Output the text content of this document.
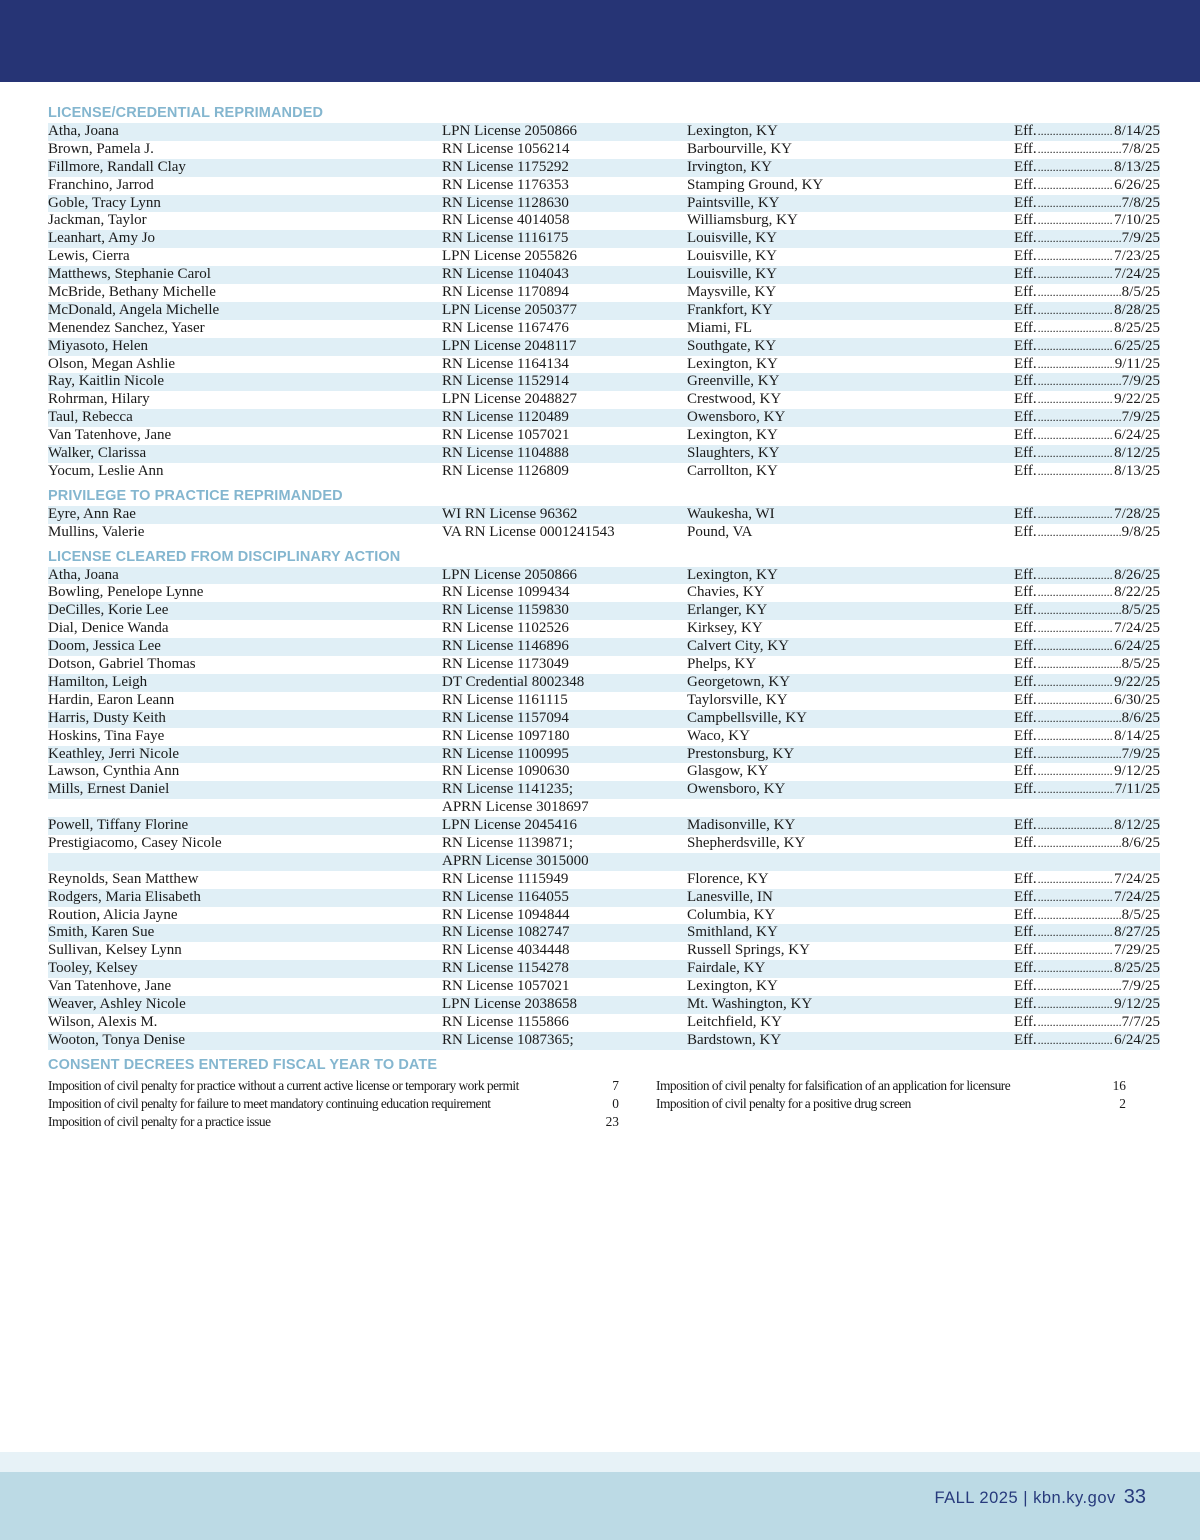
LICENSE/CREDENTIAL REPRIMANDED
Atha, Joana	LPN License 2050866	Lexington, KY	Eff. .....	8/14/25
Brown, Pamela J.	RN License 1056214	Barbourville, KY	Eff. .....	7/8/25
Fillmore, Randall Clay	RN License 1175292	Irvington, KY	Eff. .....	8/13/25
Franchino, Jarrod	RN License 1176353	Stamping Ground, KY	Eff. .....	6/26/25
Goble, Tracy Lynn	RN License 1128630	Paintsville, KY	Eff. .....	7/8/25
Jackman, Taylor	RN License 4014058	Williamsburg, KY	Eff. .....	7/10/25
Leanhart, Amy Jo	RN License 1116175	Louisville, KY	Eff. .....	7/9/25
Lewis, Cierra	LPN License 2055826	Louisville, KY	Eff. .....	7/23/25
Matthews, Stephanie Carol	RN License 1104043	Louisville, KY	Eff. .....	7/24/25
McBride, Bethany Michelle	RN License 1170894	Maysville, KY	Eff. .....	8/5/25
McDonald, Angela Michelle	LPN License 2050377	Frankfort, KY	Eff. .....	8/28/25
Menendez Sanchez, Yaser	RN License 1167476	Miami, FL	Eff. .....	8/25/25
Miyasoto, Helen	LPN License 2048117	Southgate, KY	Eff. .....	6/25/25
Olson, Megan Ashlie	RN License 1164134	Lexington, KY	Eff. .....	9/11/25
Ray, Kaitlin Nicole	RN License 1152914	Greenville, KY	Eff. .....	7/9/25
Rohrman, Hilary	LPN License 2048827	Crestwood, KY	Eff. .....	9/22/25
Taul, Rebecca	RN License 1120489	Owensboro, KY	Eff. .....	7/9/25
Van Tatenhove, Jane	RN License 1057021	Lexington, KY	Eff. .....	6/24/25
Walker, Clarissa	RN License 1104888	Slaughters, KY	Eff. .....	8/12/25
Yocum, Leslie Ann	RN License 1126809	Carrollton, KY	Eff. .....	8/13/25
PRIVILEGE TO PRACTICE REPRIMANDED
Eyre, Ann Rae	WI RN License 96362	Waukesha, WI	Eff. .....	7/28/25
Mullins, Valerie	VA RN License 0001241543	Pound, VA	Eff. .....	9/8/25
LICENSE CLEARED FROM DISCIPLINARY ACTION
Atha, Joana	LPN License 2050866	Lexington, KY	Eff. .....	8/26/25
Bowling, Penelope Lynne	RN License 1099434	Chavies, KY	Eff. .....	8/22/25
DeCilles, Korie Lee	RN License 1159830	Erlanger, KY	Eff. .....	8/5/25
Dial, Denice Wanda	RN License 1102526	Kirksey, KY	Eff. .....	7/24/25
Doom, Jessica Lee	RN License 1146896	Calvert City, KY	Eff. .....	6/24/25
Dotson, Gabriel Thomas	RN License 1173049	Phelps, KY	Eff. .....	8/5/25
Hamilton, Leigh	DT Credential 8002348	Georgetown, KY	Eff. .....	9/22/25
Hardin, Earon Leann	RN License 1161115	Taylorsville, KY	Eff. .....	6/30/25
Harris, Dusty Keith	RN License 1157094	Campbellsville, KY	Eff. .....	8/6/25
Hoskins, Tina Faye	RN License 1097180	Waco, KY	Eff. .....	8/14/25
Keathley, Jerri Nicole	RN License 1100995	Prestonsburg, KY	Eff. .....	7/9/25
Lawson, Cynthia Ann	RN License 1090630	Glasgow, KY	Eff. .....	9/12/25
Mills, Ernest Daniel	RN License 1141235;	Owensboro, KY	Eff. .....	7/11/25
APRN License 3018697
Powell, Tiffany Florine	LPN License 2045416	Madisonville, KY	Eff. .....	8/12/25
Prestigiacomo, Casey Nicole	RN License 1139871;	Shepherdsville, KY	Eff. .....	8/6/25
APRN License 3015000
Reynolds, Sean Matthew	RN License 1115949	Florence, KY	Eff. .....	7/24/25
Rodgers, Maria Elisabeth	RN License 1164055	Lanesville, IN	Eff. .....	7/24/25
Roution, Alicia Jayne	RN License 1094844	Columbia, KY	Eff. .....	8/5/25
Smith, Karen Sue	RN License 1082747	Smithland, KY	Eff. .....	8/27/25
Sullivan, Kelsey Lynn	RN License 4034448	Russell Springs, KY	Eff. .....	7/29/25
Tooley, Kelsey	RN License 1154278	Fairdale, KY	Eff. .....	8/25/25
Van Tatenhove, Jane	RN License 1057021	Lexington, KY	Eff. .....	7/9/25
Weaver, Ashley Nicole	LPN License 2038658	Mt. Washington, KY	Eff. .....	9/12/25
Wilson, Alexis M.	RN License 1155866	Leitchfield, KY	Eff. .....	7/7/25
Wooton, Tonya Denise	RN License 1087365;	Bardstown, KY	Eff. .....	6/24/25
CONSENT DECREES ENTERED FISCAL YEAR TO DATE
Imposition of civil penalty for practice without a current active license or temporary work permit	7
Imposition of civil penalty for failure to meet mandatory continuing education requirement	0
Imposition of civil penalty for a practice issue	23
Imposition of civil penalty for falsification of an application for licensure	16
Imposition of civil penalty for a positive drug screen	2
FALL 2025 | kbn.ky.gov 33
